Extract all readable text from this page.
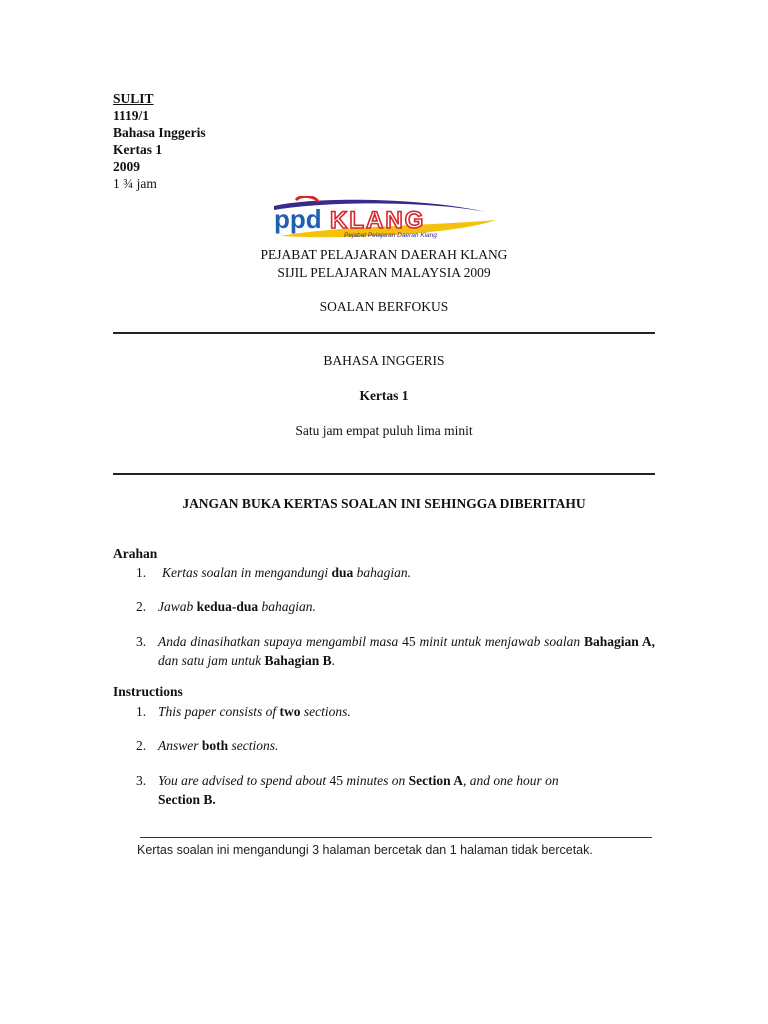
SULIT
1119/1
Bahasa Inggeris
Kertas 1
2009
1 ¾ jam
ppd KLANG
Pejabat Pelajaran Daerah Klang
PEJABAT PELAJARAN DAERAH KLANG
SIJIL PELAJARAN MALAYSIA 2009
SOALAN BERFOKUS
BAHASA INGGERIS
Kertas 1
Satu jam empat puluh lima minit
JANGAN BUKA KERTAS SOALAN INI SEHINGGA DIBERITAHU
Arahan
1. Kertas soalan in mengandungi dua bahagian.
2. Jawab kedua-dua bahagian.
3. Anda dinasihatkan supaya mengambil masa 45 minit untuk menjawab soalan Bahagian A, dan satu jam untuk Bahagian B.
Instructions
1. This paper consists of two sections.
2. Answer both sections.
3. You are advised to spend about 45 minutes on Section A, and one hour on
Section B.
Kertas soalan ini mengandungi 3 halaman bercetak dan 1 halaman tidak bercetak.
